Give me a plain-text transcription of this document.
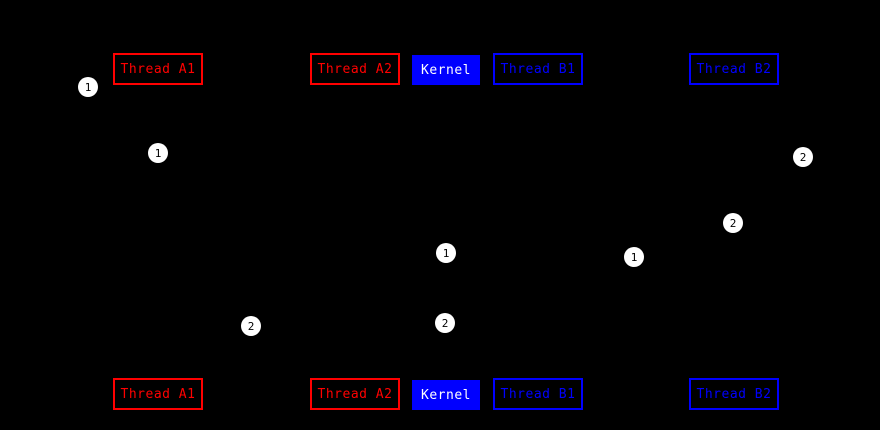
Thread A1	Thread A2 Kernel Thread B1	Thread B2
Thread A1	Thread A2 Kernel Thread B1	Thread B2
1
1	2
2
1	1
2	2
